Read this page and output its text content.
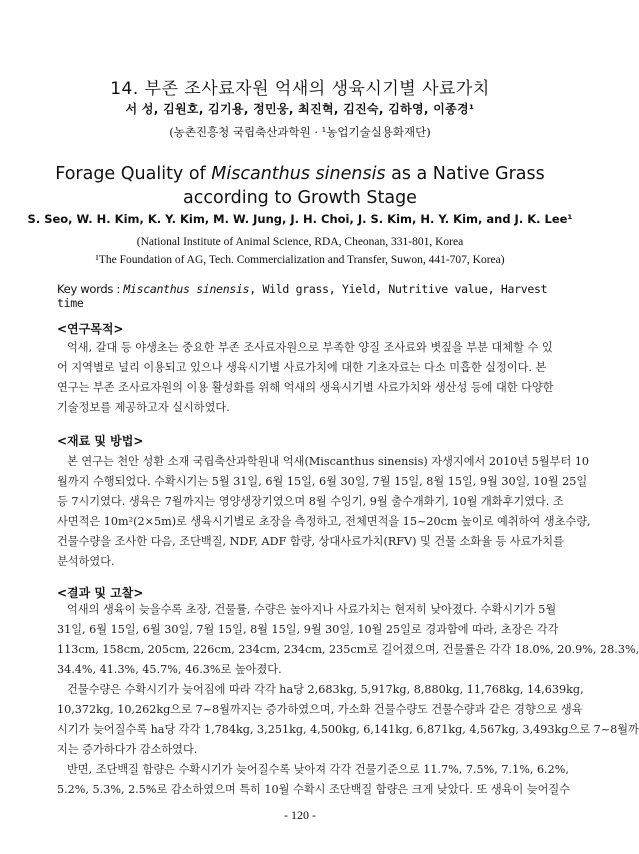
14. 부존 조사료자원 억새의 생육시기별 사료가치
서 성, 김원호, 김기용, 정민웅, 최진혁, 김진숙, 김하영, 이종경¹
(농촌진흥청 국립축산과학원 · ¹농업기술실용화재단)
Forage Quality of Miscanthus sinensis as a Native Grass
according to Growth Stage
S. Seo, W. H. Kim, K. Y. Kim, M. W. Jung, J. H. Choi, J. S. Kim, H. Y. Kim, and J. K. Lee¹
(National Institute of Animal Science, RDA, Cheonan, 331-801, Korea
¹The Foundation of AG, Tech. Commercialization and Transfer, Suwon, 441-707, Korea)
Key words : Miscanthus sinensis, Wild grass, Yield, Nutritive value, Harvest time
<연구목적>
억새, 갈대 등 야생초는 중요한 부존 조사료자원으로 부족한 양질 조사료와 볏짚을 부분 대체할 수 있
어 지역별로 널리 이용되고 있으나 생육시기별 사료가치에 대한 기초자료는 다소 미흡한 실정이다. 본
연구는 부존 조사료자원의 이용 활성화를 위해 억새의 생육시기별 사료가치와 생산성 등에 대한 다양한
기술정보를 제공하고자 실시하였다.
<재료 및 방법>
본 연구는 천안 성환 소재 국립축산과학원내 억새(Miscanthus sinensis) 자생지에서 2010년 5월부터 10
월까지 수행되었다. 수확시기는 5월 31일, 6월 15일, 6월 30일, 7월 15일, 8월 15일, 9월 30일, 10월 25일
등 7시기였다. 생육은 7월까지는 영양생장기였으며 8월 수잉기, 9월 출수개화기, 10월 개화후기였다. 조
사면적은 10m²(2×5m)로 생육시기별로 초장을 측정하고, 전체면적을 15~20cm 높이로 예취하여 생초수량,
건물수량을 조사한 다음, 조단백질, NDF, ADF 함량, 상대사료가치(RFV) 및 건물 소화율 등 사료가치를
분석하였다.
<결과 및 고찰>
억새의 생육이 늦을수록 초장, 건물률, 수량은 높아지나 사료가치는 현저히 낮아졌다. 수확시기가 5월
31일, 6월 15일, 6월 30일, 7월 15일, 8월 15일, 9월 30일, 10월 25일로 경과함에 따라, 초장은 각각
113cm, 158cm, 205cm, 226cm, 234cm, 234cm, 235cm로 길어졌으며, 건물률은 각각 18.0%, 20.9%, 28.3%,
34.4%, 41.3%, 45.7%, 46.3%로 높아졌다.
건물수량은 수확시기가 늦어짐에 따라 각각 ha당 2,683kg, 5,917kg, 8,880kg, 11,768kg, 14,639kg,
10,372kg, 10,262kg으로 7~8월까지는 증가하였으며, 가소화 건물수량도 건물수량과 같은 경향으로 생육
시기가 늦어질수록 ha당 각각 1,784kg, 3,251kg, 4,500kg, 6,141kg, 6,871kg, 4,567kg, 3,493kg으로 7~8월까
지는 증가하다가 감소하였다.
반면, 조단백질 함량은 수확시기가 늦어질수록 낮아져 각각 건물기준으로 11.7%, 7.5%, 7.1%, 6.2%,
5.2%, 5.3%, 2.5%로 감소하였으며 특히 10월 수확시 조단백질 함량은 크게 낮았다. 또 생육이 늦어질수
- 120 -
